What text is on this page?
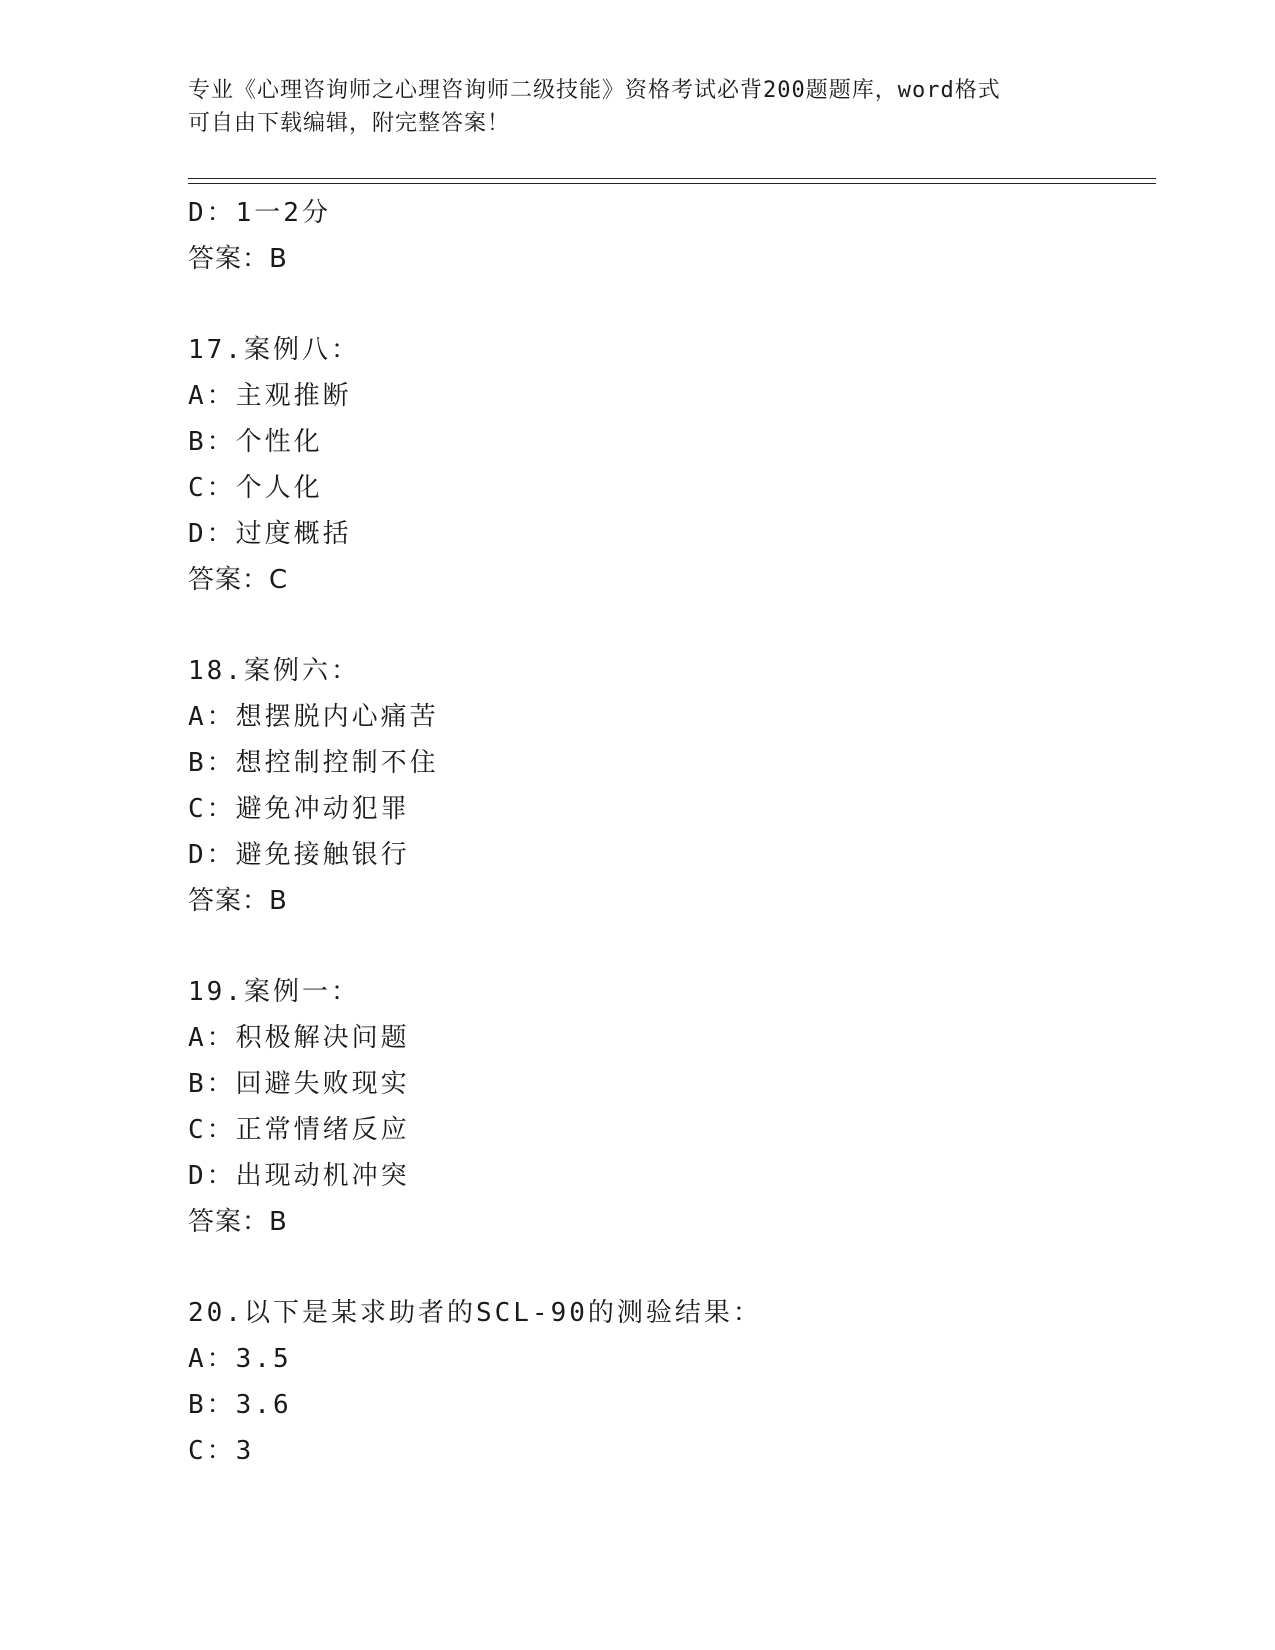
专业《心理咨询师之心理咨询师二级技能》资格考试必背200题题库，word格式
可自由下载编辑，附完整答案！
D：1一2分
答案：B
17.案例八：
A：主观推断
B：个性化
C：个人化
D：过度概括
答案：C
18.案例六：
A：想摆脱内心痛苦
B：想控制控制不住
C：避免冲动犯罪
D：避免接触银行
答案：B
19.案例一：
A：积极解决问题
B：回避失败现实
C：正常情绪反应
D：出现动机冲突
答案：B
20.以下是某求助者的SCL-90的测验结果：
A：3.5
B：3.6
C：3
